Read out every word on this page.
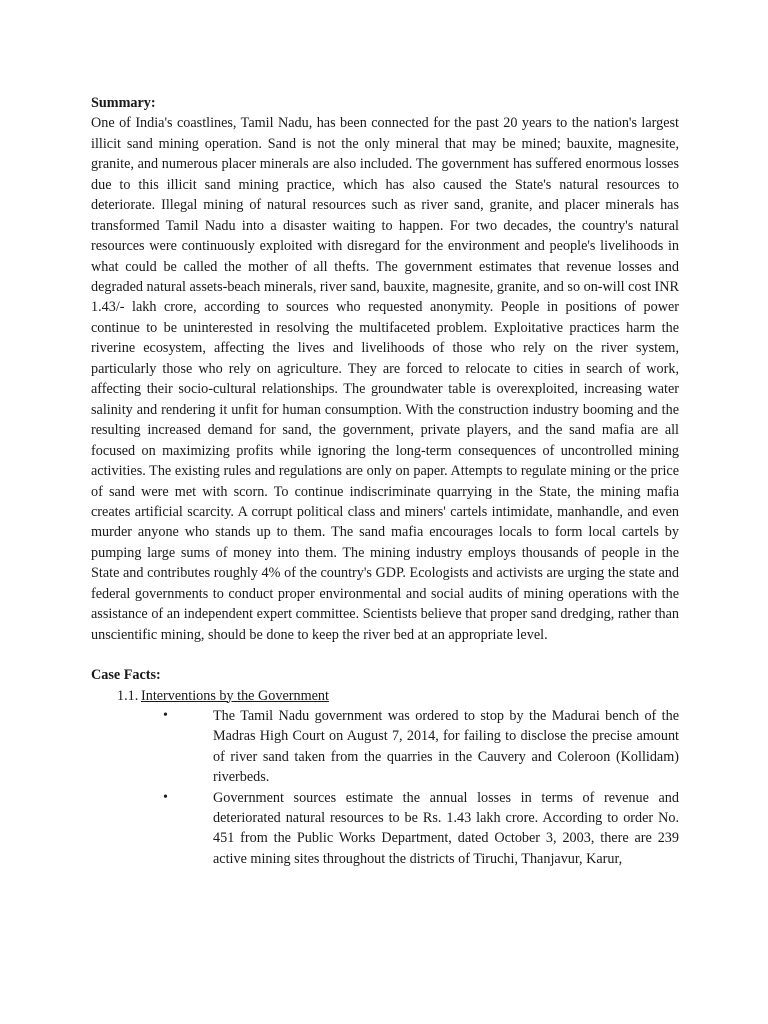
Summary:

One of India's coastlines, Tamil Nadu, has been connected for the past 20 years to the nation's largest illicit sand mining operation. Sand is not the only mineral that may be mined; bauxite, magnesite, granite, and numerous placer minerals are also included. The government has suffered enormous losses due to this illicit sand mining practice, which has also caused the State's natural resources to deteriorate. Illegal mining of natural resources such as river sand, granite, and placer minerals has transformed Tamil Nadu into a disaster waiting to happen. For two decades, the country's natural resources were continuously exploited with disregard for the environment and people's livelihoods in what could be called the mother of all thefts. The government estimates that revenue losses and degraded natural assets-beach minerals, river sand, bauxite, magnesite, granite, and so on-will cost INR 1.43/- lakh crore, according to sources who requested anonymity. People in positions of power continue to be uninterested in resolving the multifaceted problem. Exploitative practices harm the riverine ecosystem, affecting the lives and livelihoods of those who rely on the river system, particularly those who rely on agriculture. They are forced to relocate to cities in search of work, affecting their socio-cultural relationships. The groundwater table is overexploited, increasing water salinity and rendering it unfit for human consumption. With the construction industry booming and the resulting increased demand for sand, the government, private players, and the sand mafia are all focused on maximizing profits while ignoring the long-term consequences of uncontrolled mining activities. The existing rules and regulations are only on paper. Attempts to regulate mining or the price of sand were met with scorn. To continue indiscriminate quarrying in the State, the mining mafia creates artificial scarcity. A corrupt political class and miners' cartels intimidate, manhandle, and even murder anyone who stands up to them. The sand mafia encourages locals to form local cartels by pumping large sums of money into them. The mining industry employs thousands of people in the State and contributes roughly 4% of the country's GDP. Ecologists and activists are urging the state and federal governments to conduct proper environmental and social audits of mining operations with the assistance of an independent expert committee. Scientists believe that proper sand dredging, rather than unscientific mining, should be done to keep the river bed at an appropriate level.

Case Facts:

1.1. Interventions by the Government

•	The Tamil Nadu government was ordered to stop by the Madurai bench of the Madras High Court on August 7, 2014, for failing to disclose the precise amount of river sand taken from the quarries in the Cauvery and Coleroon (Kollidam) riverbeds.
•	Government sources estimate the annual losses in terms of revenue and deteriorated natural resources to be Rs. 1.43 lakh crore. According to order No. 451 from the Public Works Department, dated October 3, 2003, there are 239 active mining sites throughout the districts of Tiruchi, Thanjavur, Karur,
